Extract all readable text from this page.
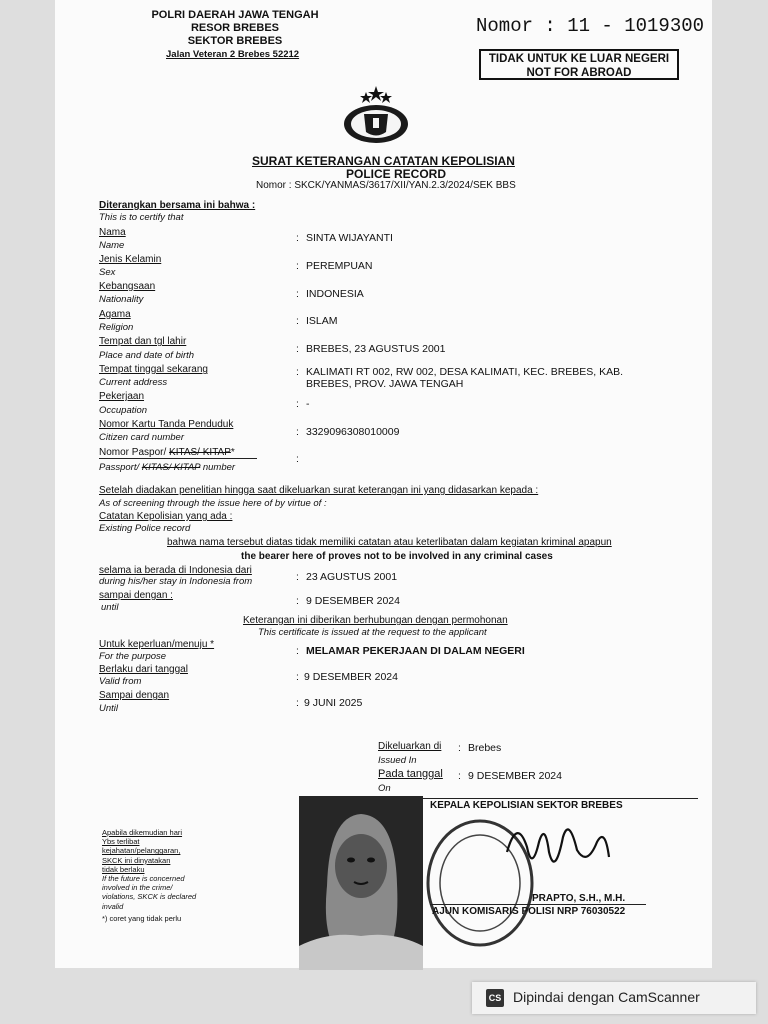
POLRI DAERAH JAWA TENGAH
RESOR BREBES
SEKTOR BREBES
Jalan Veteran 2 Brebes 52212
Nomor : 11 - 1019300
TIDAK UNTUK KE LUAR NEGERI
NOT FOR ABROAD
SURAT KETERANGAN CATATAN KEPOLISIAN
POLICE RECORD
Nomor : SKCK/YANMAS/3617/XII/YAN.2.3/2024/SEK BBS
Diterangkan bersama ini bahwa :
This is to certify that
Nama
Name
: SINTA WIJAYANTI
Jenis Kelamin
Sex
: PEREMPUAN
Kebangsaan
Nationality	: INDONESIA
Agama
Religion
: ISLAM
Tempat dan tgl lahir
Place and date of birth
: BREBES, 23 AGUSTUS 2001
Tempat tinggal sekarang
Current address
: KALIMATI RT 002, RW 002, DESA KALIMATI, KEC. BREBES, KAB.
BREBES, PROV. JAWA TENGAH
Pekerjaan
Occupation
: -
Nomor Kartu Tanda Penduduk
Citizen card number	: 3329096308010009
Nomor Paspor/ KITAS/ KITAP*
Passport/ KITAS/ KITAP number
:
Setelah diadakan penelitian hingga saat dikeluarkan surat keterangan ini yang didasarkan kepada :
As of screening through the issue here of by virtue of :
Catatan Kepolisian yang ada :
Existing Police record
bahwa nama tersebut diatas tidak memiliki catatan atau keterlibatan dalam kegiatan kriminal apapun
the bearer here of proves not to be involved in any criminal cases
selama ia berada di Indonesia dari
during his/her stay in Indonesia from	: 23 AGUSTUS 2001
sampai dengan :
until
: 9 DESEMBER 2024
Keterangan ini diberikan berhubungan dengan permohonan
This certificate is issued at the request to the applicant
Untuk keperluan/menuju *
For the purpose	: MELAMAR PEKERJAAN DI DALAM NEGERI
Berlaku dari tanggal
Valid from	: 9 DESEMBER 2024
Sampai dengan
Until	: 9 JUNI 2025
Dikeluarkan di
Issued In
: Brebes
Pada tanggal
On
: 9 DESEMBER 2024
Apabila dikemudian hari
Ybs terlibat
kejahatan/pelanggaran,
SKCK ini dinyatakan
tidak berlaku
If the future is concerned
involved in the crime/
violations, SKCK is declared
invalid
*) coret yang tidak perlu
KEPALA KEPOLISIAN SEKTOR BREBES
PRAPTO, S.H., M.H.
AJUN KOMISARIS POLISI NRP 76030522
CS Dipindai dengan CamScanner
